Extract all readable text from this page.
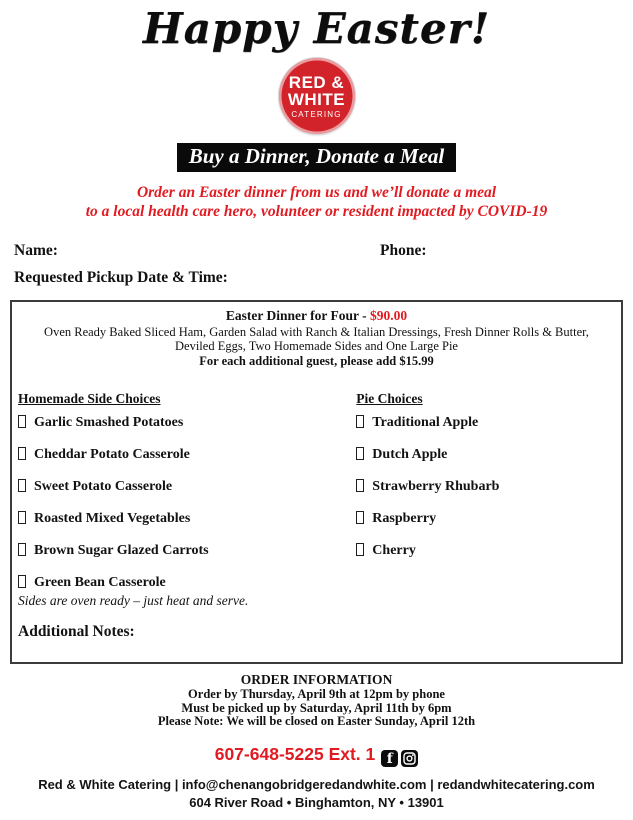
Happy Easter!
RED &
WHITE
CATERING
Buy a Dinner, Donate a Meal
Order an Easter dinner from us and we’ll donate a meal
to a local health care hero, volunteer or resident impacted by COVID-19
Name:	Phone:
Requested Pickup Date & Time:
Easter Dinner for Four - $90.00
Oven Ready Baked Sliced Ham, Garden Salad with Ranch & Italian Dressings, Fresh Dinner Rolls & Butter,
Deviled Eggs, Two Homemade Sides and One Large Pie
For each additional guest, please add $15.99
Homemade Side Choices
Garlic Smashed Potatoes
Cheddar Potato Casserole
Sweet Potato Casserole
Roasted Mixed Vegetables
Brown Sugar Glazed Carrots
Green Bean Casserole
Sides are oven ready – just heat and serve.
Pie Choices
Traditional Apple
Dutch Apple
Strawberry Rhubarb
Raspberry
Cherry
Additional Notes:
ORDER INFORMATION
Order by Thursday, April 9th at 12pm by phone
Must be picked up by Saturday, April 11th by 6pm
Please Note: We will be closed on Easter Sunday, April 12th
607-648-5225 Ext. 1 f
Red & White Catering | info@chenangobridgeredandwhite.com | redandwhitecatering.com
604 River Road • Binghamton, NY • 13901
